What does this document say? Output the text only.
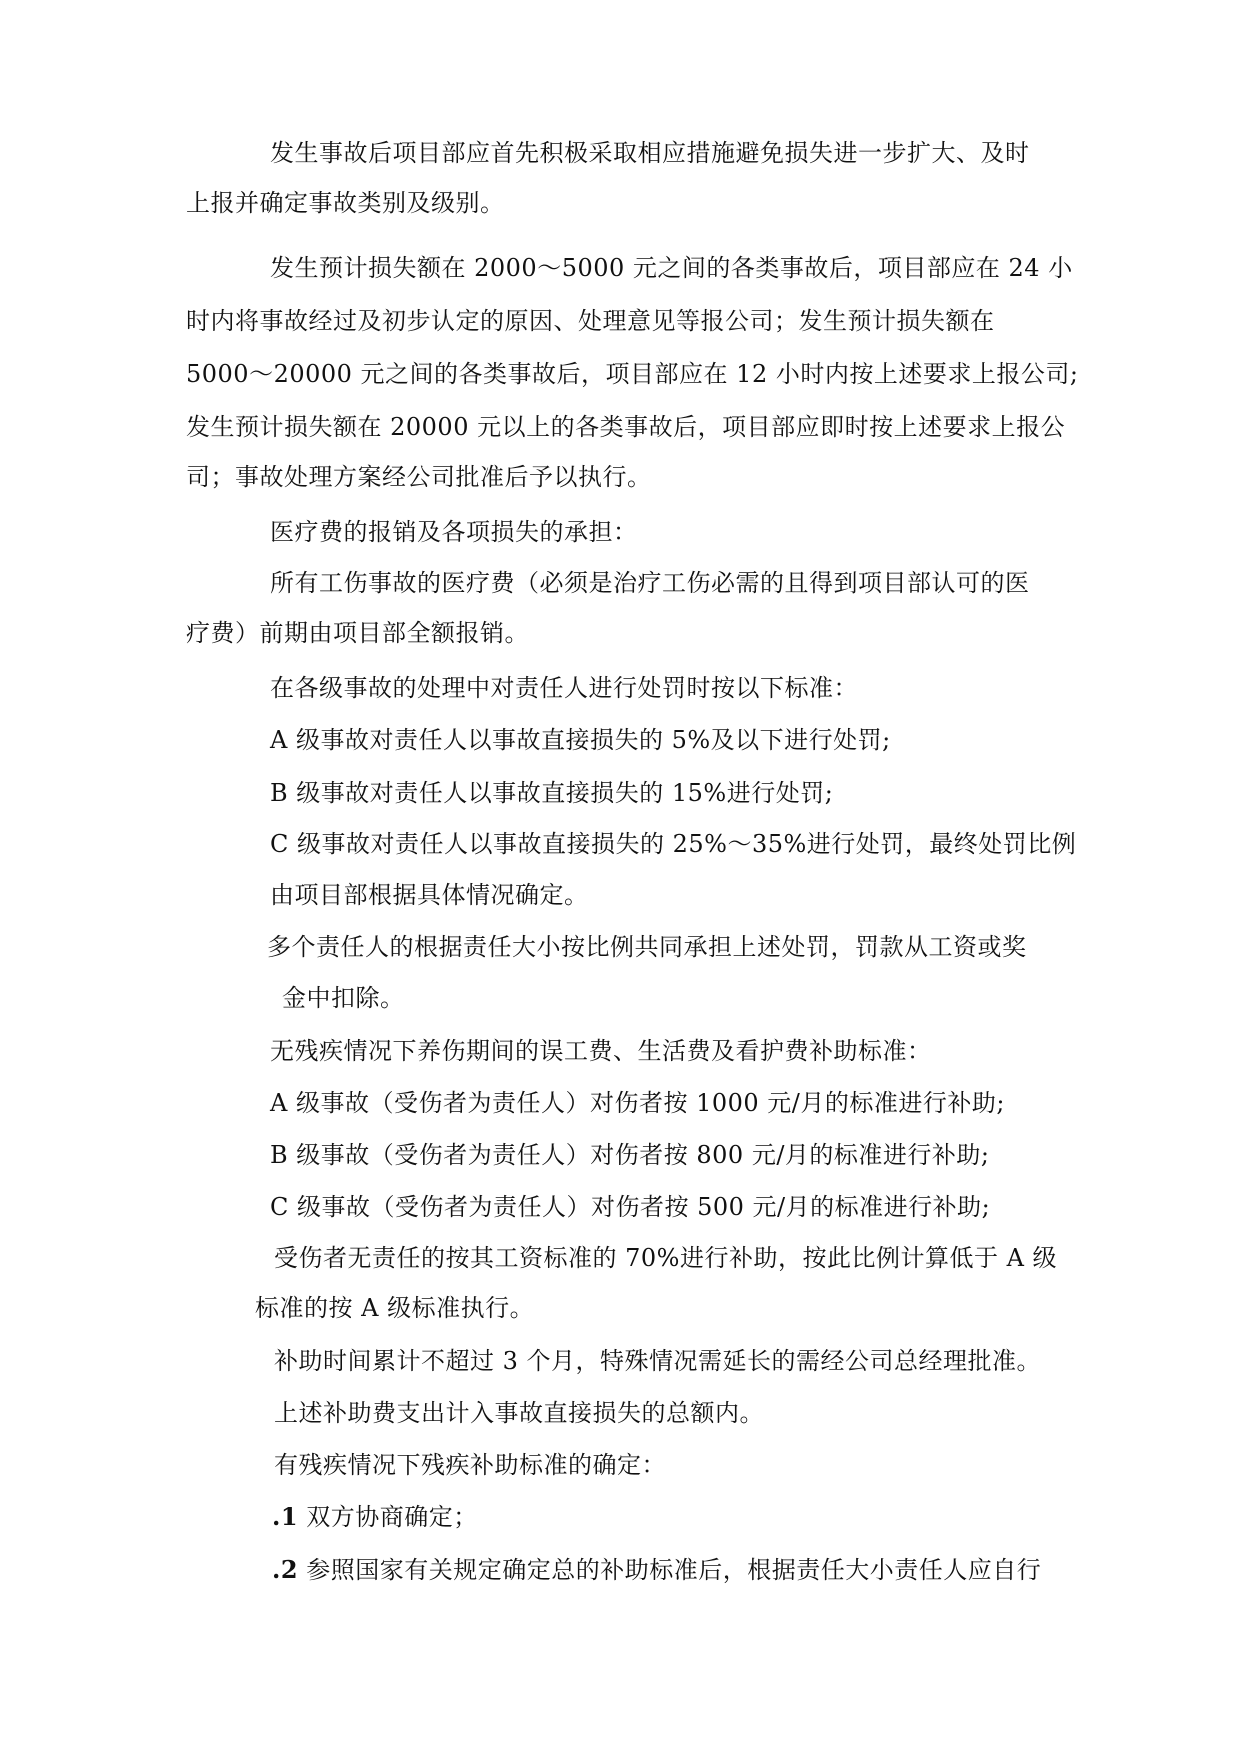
发生事故后项目部应首先积极采取相应措施避免损失进一步扩大、及时
上报并确定事故类别及级别。
发生预计损失额在 2000～5000 元之间的各类事故后，项目部应在 24 小
时内将事故经过及初步认定的原因、处理意见等报公司；发生预计损失额在
5000～20000 元之间的各类事故后，项目部应在 12 小时内按上述要求上报公司;
发生预计损失额在 20000 元以上的各类事故后，项目部应即时按上述要求上报公
司；事故处理方案经公司批准后予以执行。
医疗费的报销及各项损失的承担：
所有工伤事故的医疗费（必须是治疗工伤必需的且得到项目部认可的医
疗费）前期由项目部全额报销。
在各级事故的处理中对责任人进行处罚时按以下标准：
A 级事故对责任人以事故直接损失的 5%及以下进行处罚;
B 级事故对责任人以事故直接损失的 15%进行处罚;
C 级事故对责任人以事故直接损失的 25%～35%进行处罚，最终处罚比例
由项目部根据具体情况确定。
多个责任人的根据责任大小按比例共同承担上述处罚，罚款从工资或奖
金中扣除。
无残疾情况下养伤期间的误工费、生活费及看护费补助标准：
A 级事故（受伤者为责任人）对伤者按 1000 元/月的标准进行补助;
B 级事故（受伤者为责任人）对伤者按 800 元/月的标准进行补助;
C 级事故（受伤者为责任人）对伤者按 500 元/月的标准进行补助;
受伤者无责任的按其工资标准的 70%进行补助，按此比例计算低于 A 级
标准的按 A 级标准执行。
补助时间累计不超过 3 个月，特殊情况需延长的需经公司总经理批准。
上述补助费支出计入事故直接损失的总额内。
有残疾情况下残疾补助标准的确定：
.1 双方协商确定；
.2 参照国家有关规定确定总的补助标准后，根据责任大小责任人应自行
